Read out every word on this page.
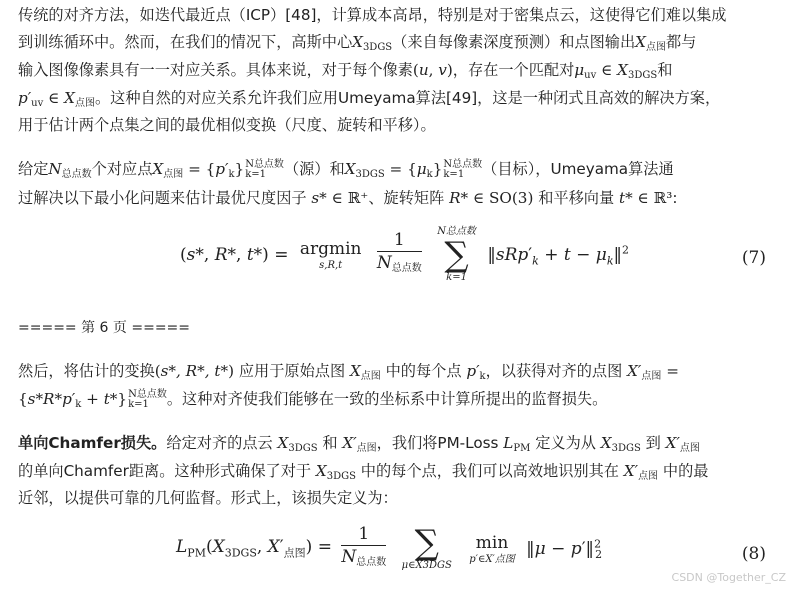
传统的对齐方法，如迭代最近点（ICP）[48]，计算成本高昂，特别是对于密集点云，这使得它们难以集成
到训练循环中。然而，在我们的情况下，高斯中心$X_{3DGS}$（来自每像素深度预测）和点图输出$X_{点图}$都与
输入图像像素具有一一对应关系。具体来说，对于每个像素(u, v)，存在一个匹配对$\mu_{uv}$ ∈ $X_{3DGS}$和
$p'_{uv}$ ∈ $X_{点图}$。这种自然的对应关系允许我们应用Umeyama算法[49]，这是一种闭式且高效的解决方案，
用于估计两个点集之间的最优相似变换（尺度、旋转和平移）。
给定$N_{总点数}$个对应点$X_{点图} = \{p'_k\}$ N总点数
k=1	（源）和$X_{3DGS} = \{\mu_k\}$ N总点数
k=1	（目标），Umeyama算法通
过解决以下最小化问题来估计最优尺度因子 s* ∈ ℝ⁺、旋转矩阵 R* ∈ SO(3) 和平移向量 t* ∈ ℝ³:
(s*, R*, t*) = argmin
s,R,t
	$\frac{1}{N_{总点数}}$
N总点数
∑
k=1
$‖sRp'_k + t$ − $\mu_k‖^2$	(7)
===== 第 6 页 =====
然后，将估计的变换(s*, R*, t*) 应用于原始点图 $X_{点图}$ 中的每个点 $p'_k$，以获得对齐的点图 $X'_{点图}$ =
$\{s*R*p'_k + t*\}$ N总点数
k=1	。这种对齐使我们能够在一致的坐标系中计算所提出的监督损失。
单向Chamfer损失。给定对齐的点云 $X_{3DGS}$ 和 $X'_{点图}$，我们将PM-Loss $L_{PM}$ 定义为从 $X_{3DGS}$ 到 $X'_{点图}$
的单向Chamfer距离。这种形式确保了对于 $X_{3DGS}$ 中的每个点，我们可以高效地识别其在 $X'_{点图}$ 中的最
近邻，以提供可靠的几何监督。形式上，该损失定义为：
$L_{PM}(X_{3DGS}$, $X'_{点图}) = \frac{1}{N_{总点数}}$
∑
μ∈X3DGS

min
p′∈X′点图
‖μ − p′‖$^2_2$	(8)
CSDN @Together_CZ
